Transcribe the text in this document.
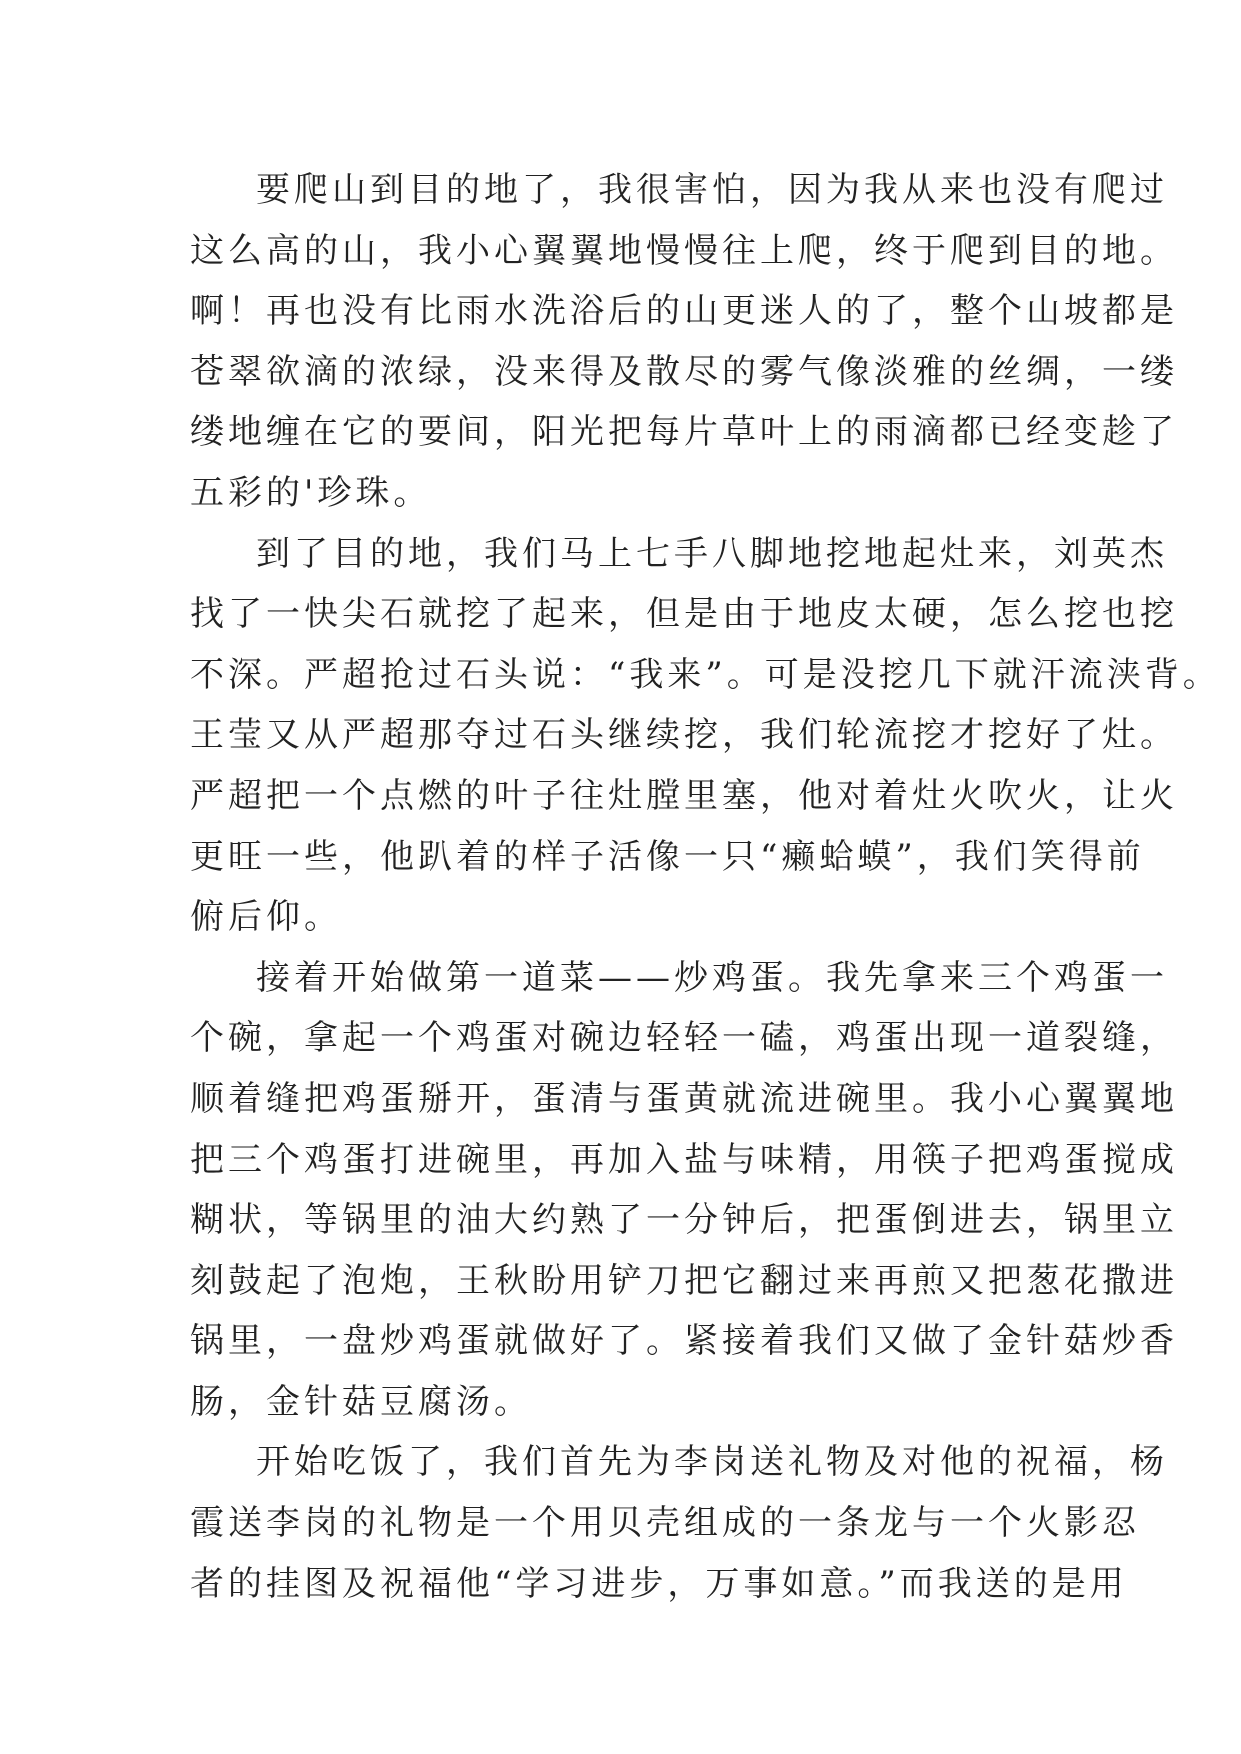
要爬山到目的地了，我很害怕，因为我从来也没有爬过
这么高的山，我小心翼翼地慢慢往上爬，终于爬到目的地。
啊！再也没有比雨水洗浴后的山更迷人的了，整个山坡都是
苍翠欲滴的浓绿，没来得及散尽的雾气像淡雅的丝绸，一缕
缕地缠在它的要间，阳光把每片草叶上的雨滴都已经变趁了
五彩的'珍珠。
到了目的地，我们马上七手八脚地挖地起灶来，刘英杰
找了一快尖石就挖了起来，但是由于地皮太硬，怎么挖也挖
不深。严超抢过石头说：“我来”。可是没挖几下就汗流浃背。
王莹又从严超那夺过石头继续挖，我们轮流挖才挖好了灶。
严超把一个点燃的叶子往灶膛里塞，他对着灶火吹火，让火
更旺一些，他趴着的样子活像一只“癞蛤蟆”，我们笑得前
俯后仰。
接着开始做第一道菜——炒鸡蛋。我先拿来三个鸡蛋一
个碗，拿起一个鸡蛋对碗边轻轻一磕，鸡蛋出现一道裂缝，
顺着缝把鸡蛋掰开，蛋清与蛋黄就流进碗里。我小心翼翼地
把三个鸡蛋打进碗里，再加入盐与味精，用筷子把鸡蛋搅成
糊状，等锅里的油大约熟了一分钟后，把蛋倒进去，锅里立
刻鼓起了泡炮，王秋盼用铲刀把它翻过来再煎又把葱花撒进
锅里，一盘炒鸡蛋就做好了。紧接着我们又做了金针菇炒香
肠，金针菇豆腐汤。
开始吃饭了，我们首先为李岗送礼物及对他的祝福，杨
霞送李岗的礼物是一个用贝壳组成的一条龙与一个火影忍
者的挂图及祝福他“学习进步，万事如意。”而我送的是用
